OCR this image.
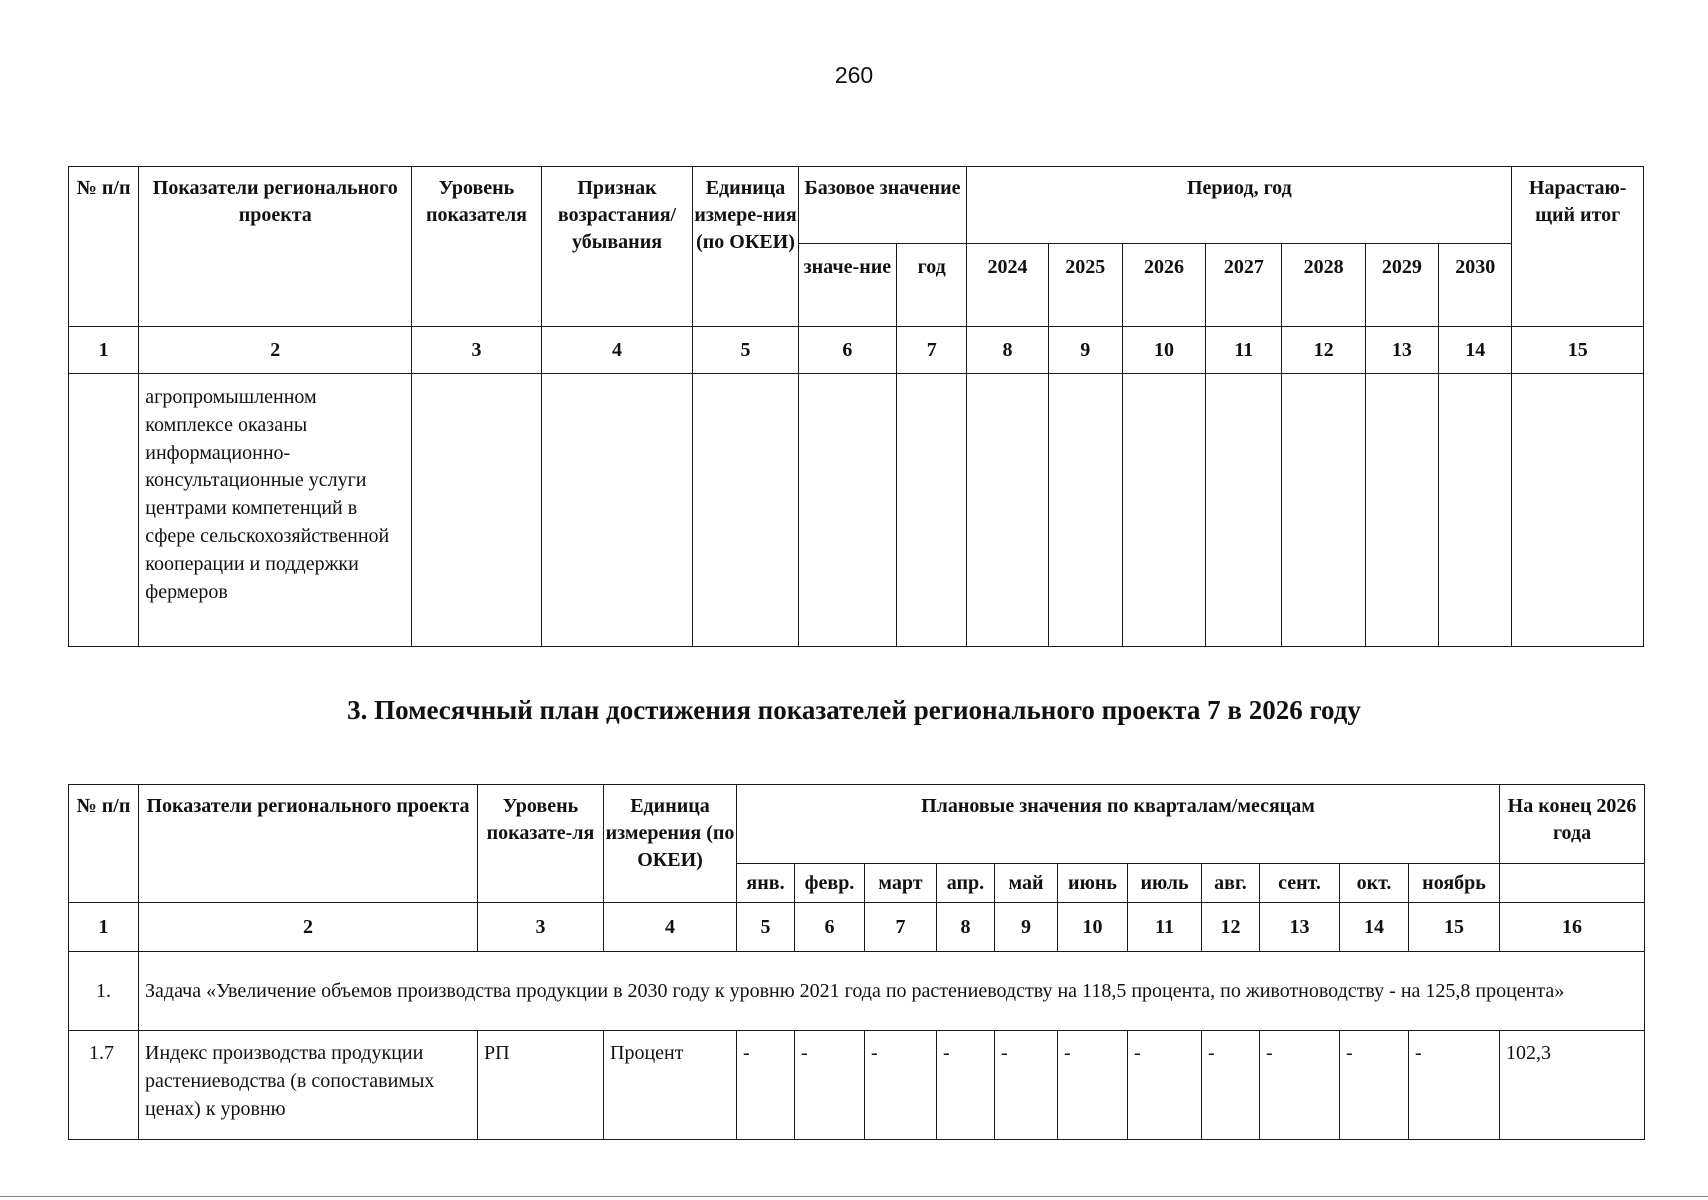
260
№ п/п	Показатели регионального проекта	Уровень показателя	Признак возрастания/ убывания	Единица измере-ния (по ОКЕИ)	Базовое значение		Период, год							Нарастаю-щий итог
					значе-ние	год	2024	2025	2026	2027	2028	2029	2030	
1	2	3	4	5	6	7	8	9	10	11	12	13	14	15

	агропромышленном комплексе оказаны информационно-консультационные услуги центрами компетенций в сфере сельскохозяйственной кооперации и поддержки фермеров													

3. Помесячный план достижения показателей регионального проекта 7 в 2026 году
№ п/п	Показатели регионального проекта	Уровень показате-ля	Единица измерения (по ОКЕИ)	Плановые значения по кварталам/месяцам											На конец 2026 года
				янв.	февр.	март	апр.	май	июнь	июль	авг.	сент.	окт.	ноябрь	
1	2	3	4	5	6	7	8	9	10	11	12	13	14	15	16
1.	Задача «Увеличение объемов производства продукции в 2030 году к уровню 2021 года по растениеводству на 118,5 процента, по животноводству - на 125,8 процента»														
1.7	Индекс производства продукции растениеводства (в сопоставимых ценах) к уровню	РП	Процент	-	-	-	-	-	-	-	-	-	-	-	102,3
